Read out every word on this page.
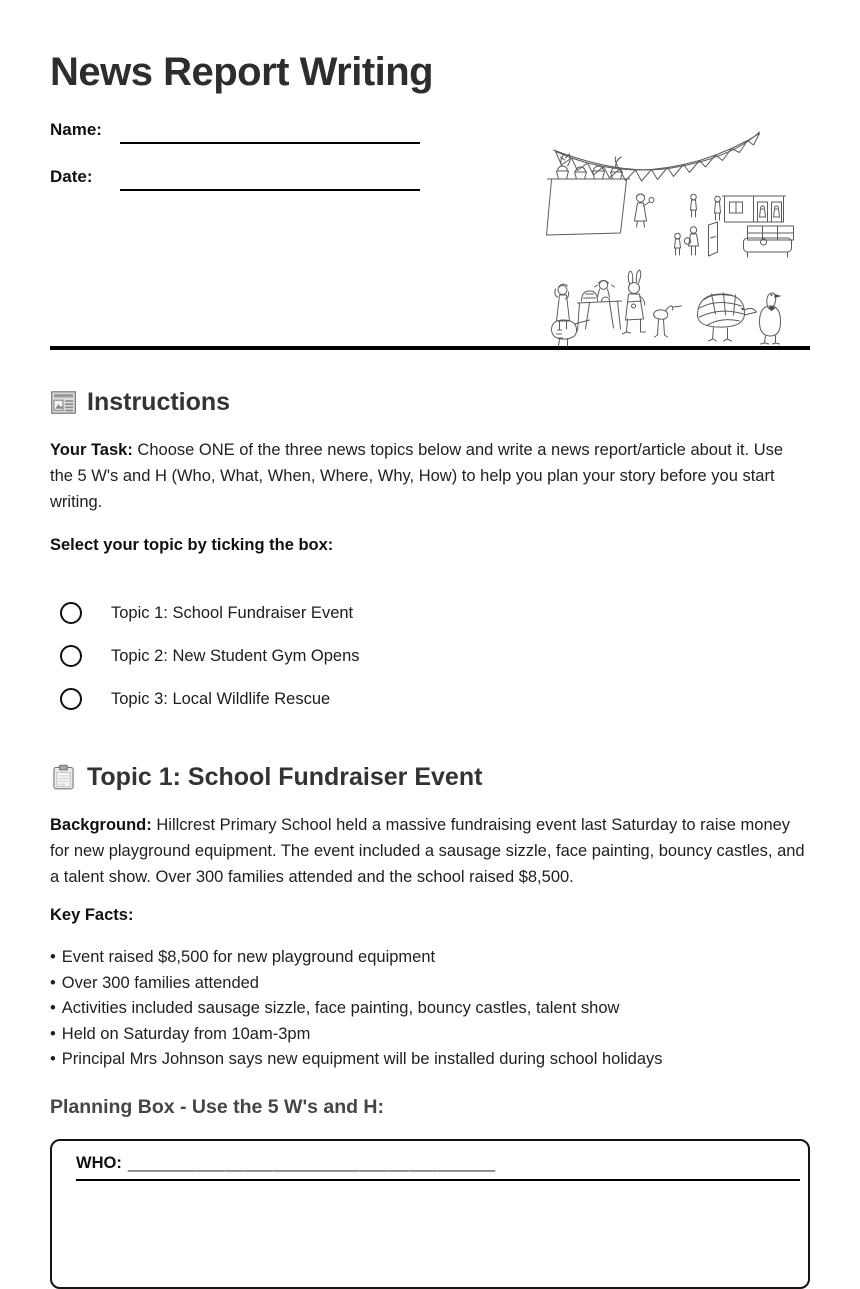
News Report Writing
Name:
Date:
Instructions

Your Task: Choose ONE of the three news topics below and write a news report/article about it. Use the 5 W's and H (Who, What, When, Where, Why, How) to help you plan your story before you start writing.

Select your topic by ticking the box:

Topic 1: School Fundraiser Event
Topic 2: New Student Gym Opens
Topic 3: Local Wildlife Rescue
Topic 1: School Fundraiser Event

Background: Hillcrest Primary School held a massive fundraising event last Saturday to raise money for new playground equipment. The event included a sausage sizzle, face painting, bouncy castles, and a talent show. Over 300 families attended and the school raised $8,500.

Key Facts:

• Event raised $8,500 for new playground equipment
• Over 300 families attended
• Activities included sausage sizzle, face painting, bouncy castles, talent show
• Held on Saturday from 10am-3pm
• Principal Mrs Johnson says new equipment will be installed during school holidays
Planning Box - Use the 5 W's and H:
WHO: ______________________________________
